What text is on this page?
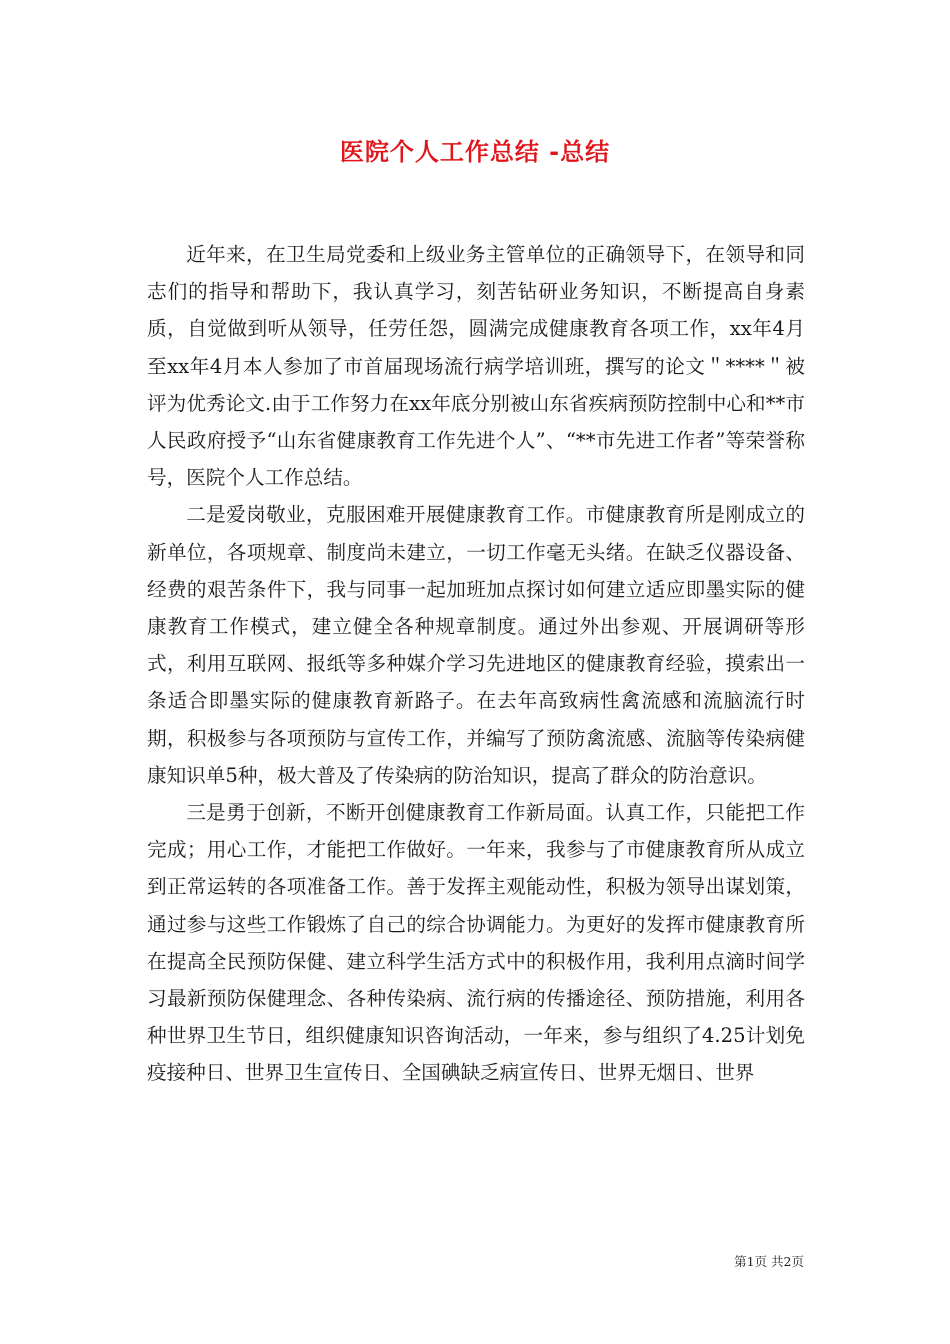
医院个人工作总结 -总结

近年来，在卫生局党委和上级业务主管单位的正确领导下，在领导和同志们的指导和帮助下，我认真学习，刻苦钻研业务知识，不断提高自身素质，自觉做到听从领导，任劳任怨，圆满完成健康教育各项工作，xx年4月至xx年4月本人参加了市首届现场流行病学培训班，撰写的论文＂****＂被评为优秀论文.由于工作努力在xx年底分别被山东省疾病预防控制中心和**市人民政府授予“山东省健康教育工作先进个人”、“**市先进工作者”等荣誉称号，医院个人工作总结。

二是爱岗敬业，克服困难开展健康教育工作。市健康教育所是刚成立的新单位，各项规章、制度尚未建立，一切工作毫无头绪。在缺乏仪器设备、经费的艰苦条件下，我与同事一起加班加点探讨如何建立适应即墨实际的健康教育工作模式，建立健全各种规章制度。通过外出参观、开展调研等形式，利用互联网、报纸等多种媒介学习先进地区的健康教育经验，摸索出一条适合即墨实际的健康教育新路子。在去年高致病性禽流感和流脑流行时期，积极参与各项预防与宣传工作，并编写了预防禽流感、流脑等传染病健康知识单5种，极大普及了传染病的防治知识，提高了群众的防治意识。

三是勇于创新，不断开创健康教育工作新局面。认真工作，只能把工作完成；用心工作，才能把工作做好。一年来，我参与了市健康教育所从成立到正常运转的各项准备工作。善于发挥主观能动性，积极为领导出谋划策，通过参与这些工作锻炼了自己的综合协调能力。为更好的发挥市健康教育所在提高全民预防保健、建立科学生活方式中的积极作用，我利用点滴时间学习最新预防保健理念、各种传染病、流行病的传播途径、预防措施，利用各种世界卫生节日，组织健康知识咨询活动，一年来，参与组织了4.25计划免疫接种日、世界卫生宣传日、全国碘缺乏病宣传日、世界无烟日、世界

第1页 共2页
